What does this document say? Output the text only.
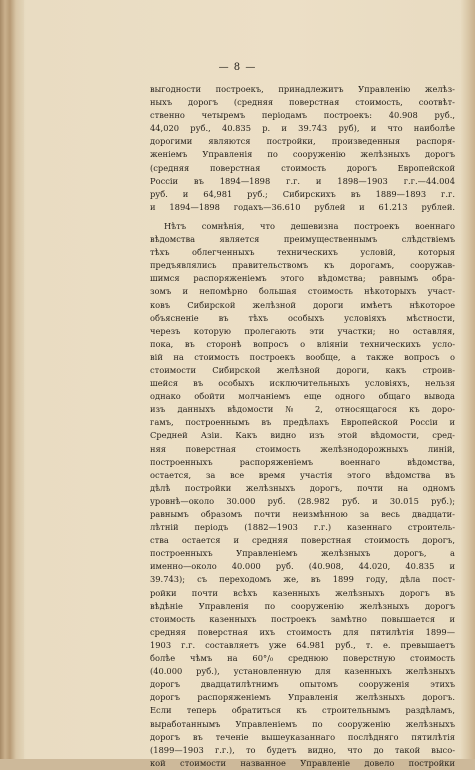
— 8 —
выгодности построекъ, принадлежитъ Управленію желѣз-
ныхъ дорогъ (средняя поверстная стоимость, соотвѣт-
ственно четыремъ періодамъ построекъ: 40.908 руб.,
44,020 руб., 40.835 р. и 39.743 руб), и что наиболѣе
дорогими являются постройки, произведенныя распоря-
женіемъ Управленія по сооруженію желѣзныхъ дорогъ
(средняя поверстная стоимость дорогъ Европейской
Россіи въ 1894—1898 г.г. и 1898—1903 г.г.—44.004
руб. и 64,981 руб.; Сибирскихъ въ 1889—1893 г.г.
и 1894—1898 годахъ—36.610 рублей и 61.213 рублей.
Нѣтъ сомнѣнія, что дешевизна построекъ военнаго
вѣдомства является преимущественнымъ слѣдствіемъ
тѣхъ облегченныхъ техническихъ условій, которыя
предъявлялись правительствомъ къ дорогамъ, сооружав-
шимся распоряженіемъ этого вѣдомства; равнымъ обра-
зомъ и непомѣрно большая стоимость нѣкоторыхъ участ-
ковъ Сибирской желѣзной дороги имѣетъ нѣкоторое
объясненіе въ тѣхъ особыхъ условіяхъ мѣстности,
черезъ которую пролегають эти участки; но оставляя,
пока, въ сторонѣ вопросъ о вліяніи техническихъ усло-
вій на стоимость построекъ вообще, а также вопросъ о
стоимости Сибирской желѣзной дороги, какъ строив-
шейся въ особыхъ исключительныхъ условіяхъ, нельзя
однако обойти молчаніемъ еще одного общаго вывода
изъ данныхъ вѣдомости № 2, относящагося къ доро-
гамъ, построеннымъ въ предѣлахъ Европейской Россіи и
Средней Азіи. Какъ видно изъ этой вѣдомости, сред-
няя поверстная стоимость желѣзнодорожныхъ линій,
построенныхъ распоряженіемъ военнаго вѣдомства,
остается, за все время участія этого вѣдомства въ
дѣлѣ постройки желѣзныхъ дорогъ, почти на одномъ
уровнѣ—около 30.000 руб. (28.982 руб. и 30.015 руб.);
равнымъ образомъ почти неизмѣнною за весь двадцати-
лѣтній періодъ (1882—1903 г.г.) казеннаго строитель-
ства остается и средняя поверстная стоимость дорогъ,
построенныхъ Управленіемъ желѣзныхъ дорогъ, а
именно—около 40.000 руб. (40.908, 44.020, 40.835 и
39.743); съ переходомъ же, въ 1899 году, дѣла пост-
ройки почти всѣхъ казенныхъ желѣзныхъ дорогъ въ
вѣдѣніе Управленія по сооруженію желѣзныхъ дорогъ
стоимость казенныхъ построекъ замѣтно повышается и
средняя поверстная ихъ стоимость для пятилѣтія 1899—
1903 г.г. составляетъ уже 64.981 руб., т. е. превышаетъ
болѣе чѣмъ на 60°/₀ среднюю поверстную стоимость
(40.000 руб.), установленную для казенныхъ желѣзныхъ
дорогъ двадцатилѣтнимъ опытомъ сооруженія этихъ
дорогъ распоряженіемъ Управленія желѣзныхъ дорогъ.
Если теперь обратиться къ строительнымъ раздѣламъ,
выработаннымъ Управленіемъ по сооруженію желѣзныхъ
дорогъ въ теченіе вышеуказаннаго послѣдняго пятилѣтія
(1899—1903 г.г.), то будетъ видно, что до такой высо-
кой стоимости названное Управленіе довело постройки
